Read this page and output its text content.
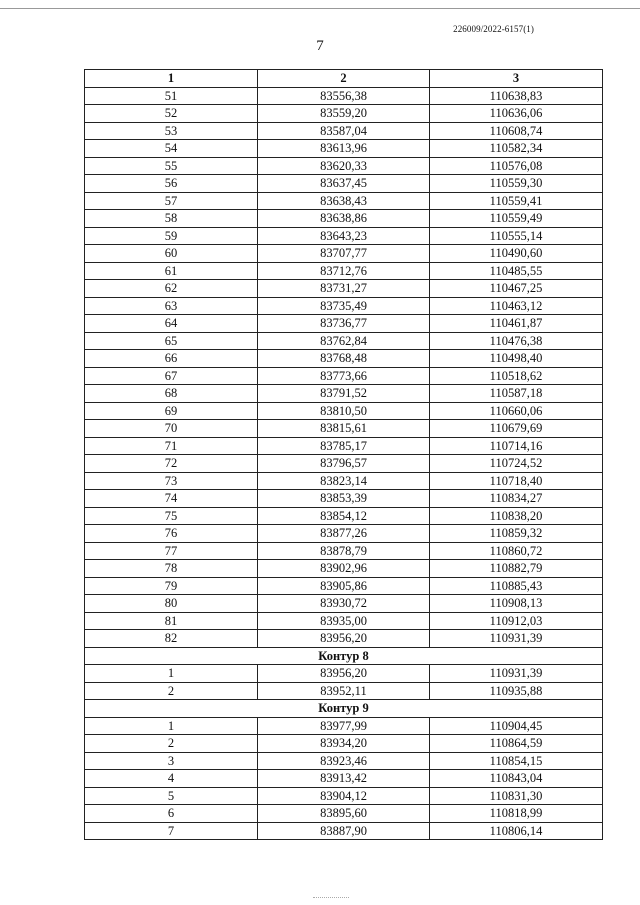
226009/2022-6157(1)
7
1	2	3
51	83556,38	110638,83
52	83559,20	110636,06
53	83587,04	110608,74
54	83613,96	110582,34
55	83620,33	110576,08
56	83637,45	110559,30
57	83638,43	110559,41
58	83638,86	110559,49
59	83643,23	110555,14
60	83707,77	110490,60
61	83712,76	110485,55
62	83731,27	110467,25
63	83735,49	110463,12
64	83736,77	110461,87
65	83762,84	110476,38
66	83768,48	110498,40
67	83773,66	110518,62
68	83791,52	110587,18
69	83810,50	110660,06
70	83815,61	110679,69
71	83785,17	110714,16
72	83796,57	110724,52
73	83823,14	110718,40
74	83853,39	110834,27
75	83854,12	110838,20
76	83877,26	110859,32
77	83878,79	110860,72
78	83902,96	110882,79
79	83905,86	110885,43
80	83930,72	110908,13
81	83935,00	110912,03
82	83956,20	110931,39
Контур 8		
1	83956,20	110931,39
2	83952,11	110935,88
Контур 9		
1	83977,99	110904,45
2	83934,20	110864,59
3	83923,46	110854,15
4	83913,42	110843,04
5	83904,12	110831,30
6	83895,60	110818,99
7	83887,90	110806,14
